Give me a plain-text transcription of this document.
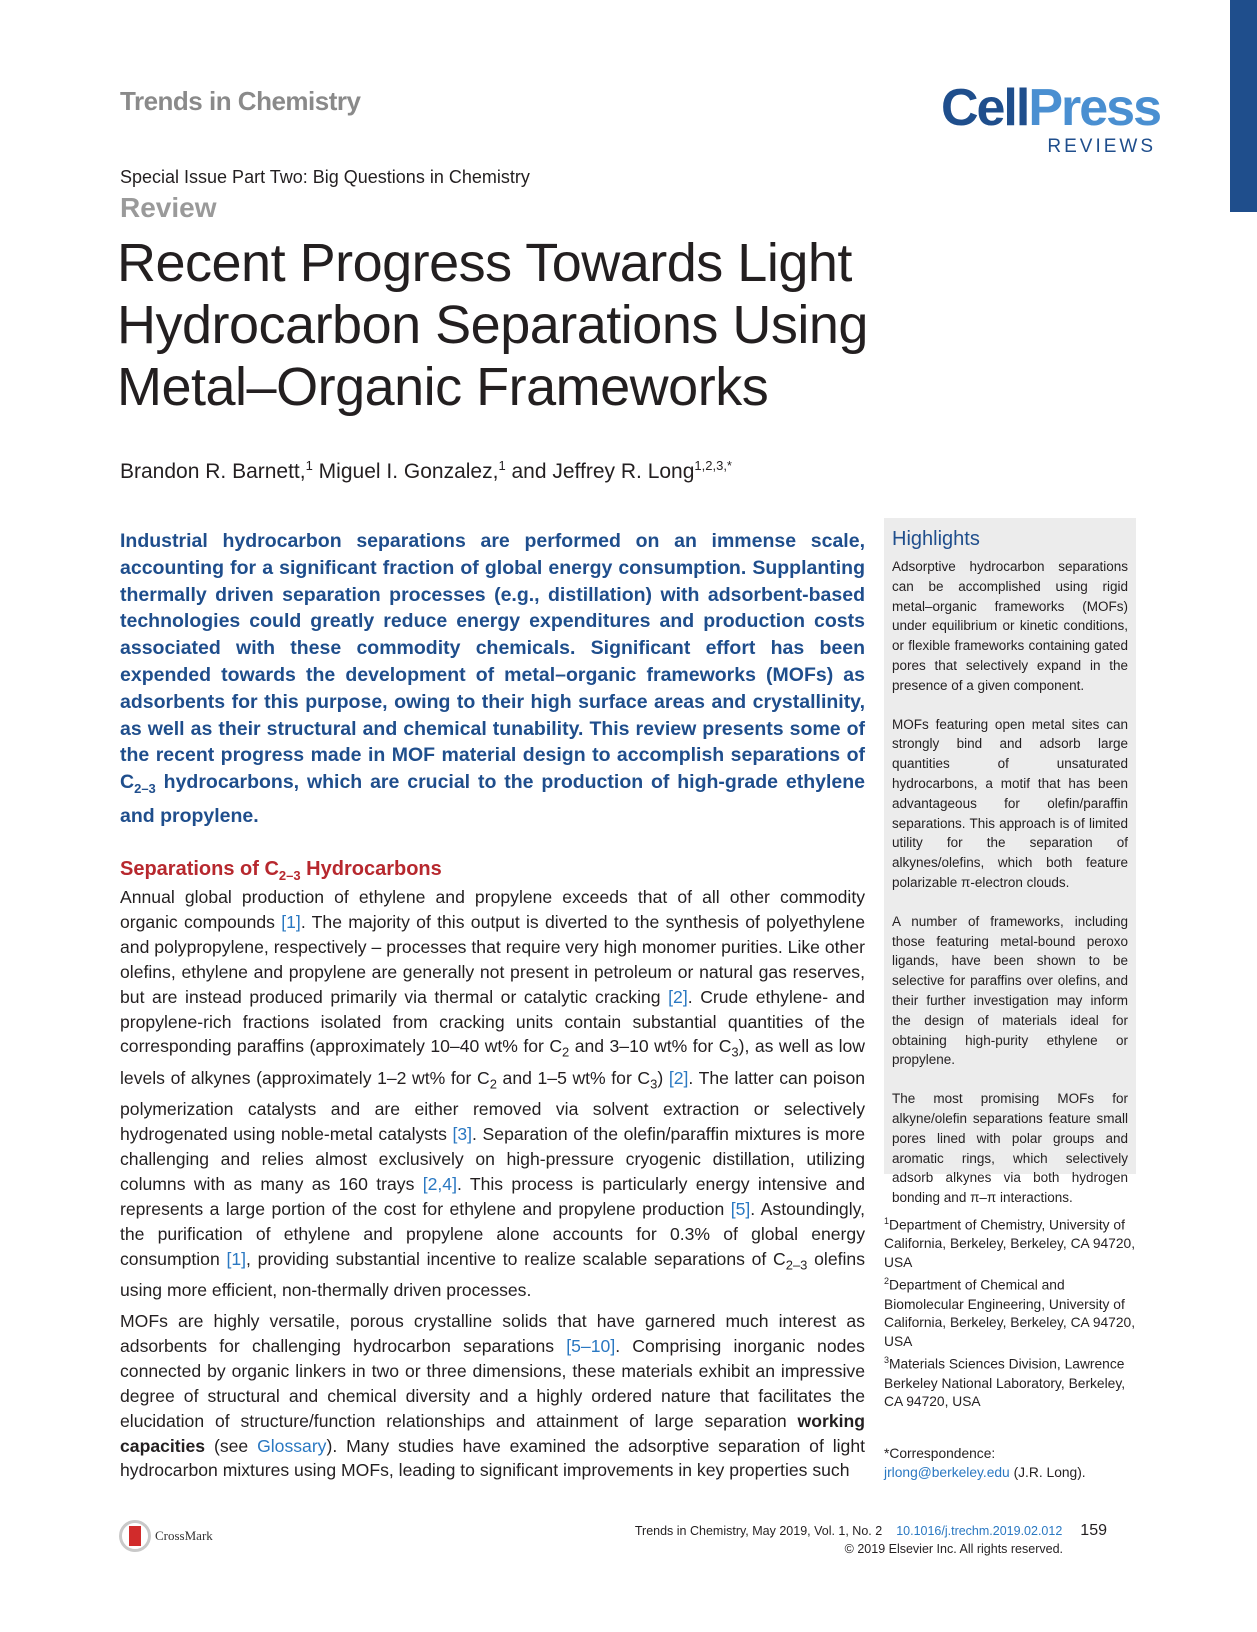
Trends in Chemistry	CellPress
REVIEWS
Special Issue Part Two: Big Questions in Chemistry
Review
Recent Progress Towards Light
Hydrocarbon Separations Using
Metal–Organic Frameworks
Brandon R. Barnett,$^1$ Miguel I. Gonzalez,$^1$ and Jeffrey R. Long$^{1,2,3,*}$

Industrial hydrocarbon separations are performed on an immense scale, accounting for a significant fraction of global energy consumption. Supplanting thermally driven separation processes (e.g., distillation) with adsorbent-based technologies could greatly reduce energy expenditures and production costs associated with these commodity chemicals. Significant effort has been expended towards the development of metal–organic frameworks (MOFs) as adsorbents for this purpose, owing to their high surface areas and crystallinity, as well as their structural and chemical tunability. This review presents some of the recent progress made in MOF material design to accomplish separations of $C_{2-3}$ hydrocarbons, which are crucial to the production of high-grade ethylene and propylene.

Separations of $C_{2-3}$ Hydrocarbons

Annual global production of ethylene and propylene exceeds that of all other commodity organic compounds [1]. The majority of this output is diverted to the synthesis of polyethylene and polypropylene, respectively – processes that require very high monomer purities. Like other olefins, ethylene and propylene are generally not present in petroleum or natural gas reserves, but are instead produced primarily via thermal or catalytic cracking [2]. Crude ethylene- and propylene-rich fractions isolated from cracking units contain substantial quantities of the corresponding paraffins (approximately 10–40 wt% for $C_2$ and 3–10 wt% for $C_3$), as well as low levels of alkynes (approximately 1–2 wt% for $C_2$ and 1–5 wt% for $C_3$) [2]. The latter can poison polymerization catalysts and are either removed via solvent extraction or selectively hydrogenated using noble-metal catalysts [3]. Separation of the olefin/paraffin mixtures is more challenging and relies almost exclusively on high-pressure cryogenic distillation, utilizing columns with as many as 160 trays [2,4]. This process is particularly energy intensive and represents a large portion of the cost for ethylene and propylene production [5]. Astoundingly, the purification of ethylene and propylene alone accounts for 0.3% of global energy consumption [1], providing substantial incentive to realize scalable separations of $C_{2-3}$ olefins using more efficient, non-thermally driven processes.

MOFs are highly versatile, porous crystalline solids that have garnered much interest as adsorbents for challenging hydrocarbon separations [5–10]. Comprising inorganic nodes connected by organic linkers in two or three dimensions, these materials exhibit an impressive degree of structural and chemical diversity and a highly ordered nature that facilitates the elucidation of structure/function relationships and attainment of large separation working capacities (see Glossary). Many studies have examined the adsorptive separation of light hydrocarbon mixtures using MOFs, leading to significant improvements in key properties such

Highlights

Adsorptive hydrocarbon separations can be accomplished using rigid metal–organic frameworks (MOFs) under equilibrium or kinetic conditions, or flexible frameworks containing gated pores that selectively expand in the presence of a given component.

MOFs featuring open metal sites can strongly bind and adsorb large quantities of unsaturated hydrocarbons, a motif that has been advantageous for olefin/paraffin separations. This approach is of limited utility for the separation of alkynes/olefins, which both feature polarizable π-electron clouds.

A number of frameworks, including those featuring metal-bound peroxo ligands, have been shown to be selective for paraffins over olefins, and their further investigation may inform the design of materials ideal for obtaining high-purity ethylene or propylene.

The most promising MOFs for alkyne/olefin separations feature small pores lined with polar groups and aromatic rings, which selectively adsorb alkynes via both hydrogen bonding and π–π interactions.

$^1$Department of Chemistry, University of California, Berkeley, Berkeley, CA 94720, USA

$^2$Department of Chemical and Biomolecular Engineering, University of California, Berkeley, Berkeley, CA 94720, USA

$^3$Materials Sciences Division, Lawrence Berkeley National Laboratory, Berkeley, CA 94720, USA

*Correspondence:

jrlong@berkeley.edu (J.R. Long).

CrossMark	Trends in Chemistry, May 2019, Vol. 1, No. 2 10.1016/j.trechm.2019.02.012 159
© 2019 Elsevier Inc. All rights reserved.
